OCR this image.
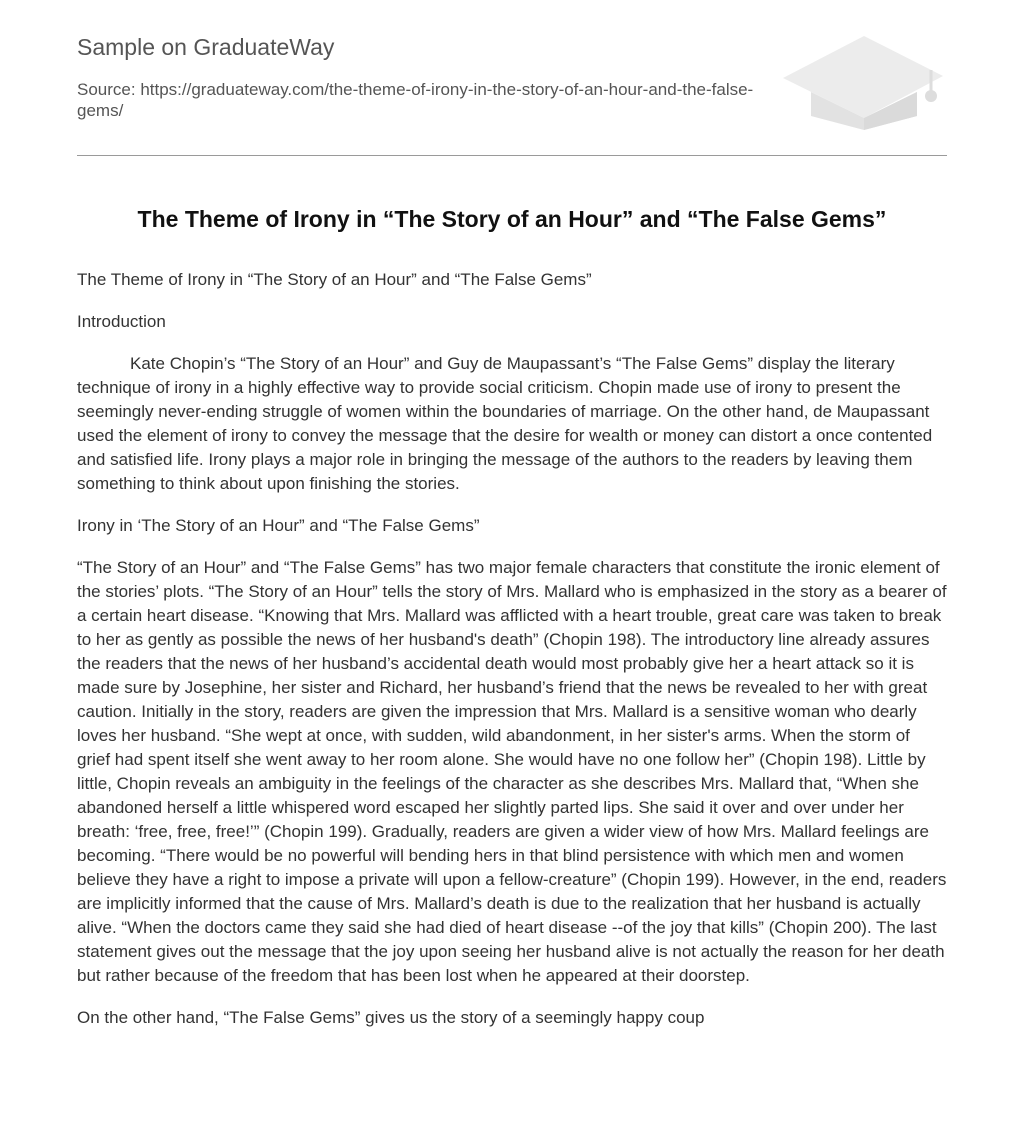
Sample on GraduateWay
Source: https://graduateway.com/the-theme-of-irony-in-the-story-of-an-hour-and-the-false-gems/
The Theme of Irony in “The Story of an Hour” and “The False Gems”

The Theme of Irony in “The Story of an Hour” and “The False Gems”

Introduction

Kate Chopin’s “The Story of an Hour” and Guy de Maupassant’s “The False Gems” display the literary technique of irony in a highly effective way to provide social criticism. Chopin made use of irony to present the seemingly never-ending struggle of women within the boundaries of marriage. On the other hand, de Maupassant used the element of irony to convey the message that the desire for wealth or money can distort a once contented and satisfied life. Irony plays a major role in bringing the message of the authors to the readers by leaving them something to think about upon finishing the stories.

Irony in ‘The Story of an Hour” and “The False Gems”

“The Story of an Hour” and “The False Gems” has two major female characters that constitute the ironic element of the stories’ plots. “The Story of an Hour” tells the story of Mrs. Mallard who is emphasized in the story as a bearer of a certain heart disease. “Knowing that Mrs. Mallard was afflicted with a heart trouble, great care was taken to break to her as gently as possible the news of her husband's death” (Chopin 198). The introductory line already assures the readers that the news of her husband’s accidental death would most probably give her a heart attack so it is made sure by Josephine, her sister and Richard, her husband’s friend that the news be revealed to her with great caution. Initially in the story, readers are given the impression that Mrs. Mallard is a sensitive woman who dearly loves her husband. “She wept at once, with sudden, wild abandonment, in her sister's arms. When the storm of grief had spent itself she went away to her room alone. She would have no one follow her” (Chopin 198). Little by little, Chopin reveals an ambiguity in the feelings of the character as she describes Mrs. Mallard that, “When she abandoned herself a little whispered word escaped her slightly parted lips. She said it over and over under her breath: ‘free, free, free!’” (Chopin 199). Gradually, readers are given a wider view of how Mrs. Mallard feelings are becoming. “There would be no powerful will bending hers in that blind persistence with which men and women believe they have a right to impose a private will upon a fellow-creature” (Chopin 199). However, in the end, readers are implicitly informed that the cause of Mrs. Mallard’s death is due to the realization that her husband is actually alive. “When the doctors came they said she had died of heart disease --of the joy that kills” (Chopin 200). The last statement gives out the message that the joy upon seeing her husband alive is not actually the reason for her death but rather because of the freedom that has been lost when he appeared at their doorstep.

On the other hand, “The False Gems” gives us the story of a seemingly happy coup
